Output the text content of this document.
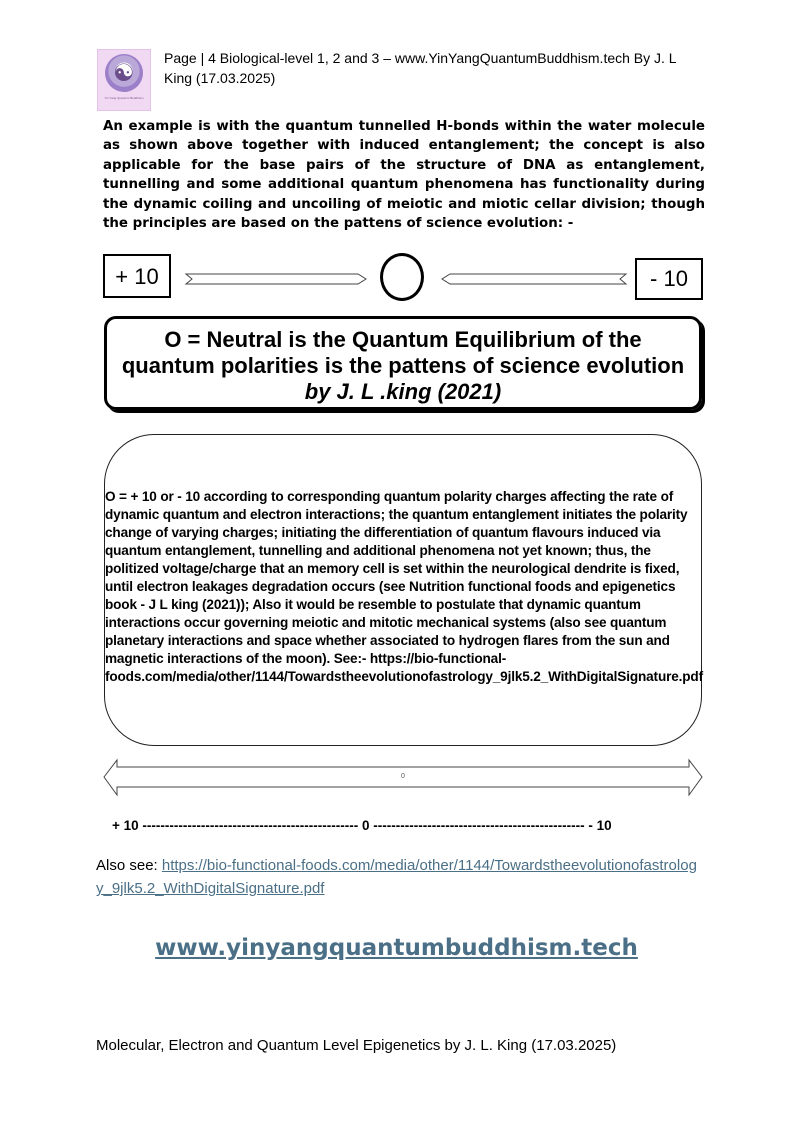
☯
Yin Yang Quantum Buddhism
Page | 4 Biological-level 1, 2 and 3 – www.YinYangQuantumBuddhism.tech By J. L King (17.03.2025)
An example is with the quantum tunnelled H-bonds within the water molecule as shown above together with induced entanglement; the concept is also applicable for the base pairs of the structure of DNA as entanglement, tunnelling and some additional quantum phenomena has functionality during the dynamic coiling and uncoiling of meiotic and miotic cellar division; though the principles are based on the pattens of science evolution: -
+ 10	- 10
0
O = Neutral is the Quantum Equilibrium of the
quantum polarities is the pattens of science evolution
by J. L .king (2021)
O = + 10 or - 10 according to corresponding quantum polarity charges affecting the rate of dynamic quantum and electron interactions; the quantum entanglement initiates the polarity change of varying charges; initiating the differentiation of quantum flavours induced via quantum entanglement, tunnelling and additional phenomena not yet known; thus, the politized voltage/charge that an memory cell is set within the neurological dendrite is fixed, until electron leakages degradation occurs (see Nutrition functional foods and epigenetics book - J L king (2021)); Also it would be resemble to postulate that dynamic quantum interactions occur governing meiotic and mitotic mechanical systems (also see quantum planetary interactions and space whether associated to hydrogen flares from the sun and magnetic interactions of the moon). See:- https://bio-functional-foods.com/media/other/1144/Towardstheevolutionofastrology_9jlk5.2_WithDigitalSignature.pdf
+ 10 ------------------------------------------------ 0 ----------------------------------------------- - 10
Also see: https://bio-functional-foods.com/media/other/1144/Towardstheevolutionofastrology_9jlk5.2_WithDigitalSignature.pdf
www.yinyangquantumbuddhism.tech
Molecular, Electron and Quantum Level Epigenetics by J. L. King (17.03.2025)
